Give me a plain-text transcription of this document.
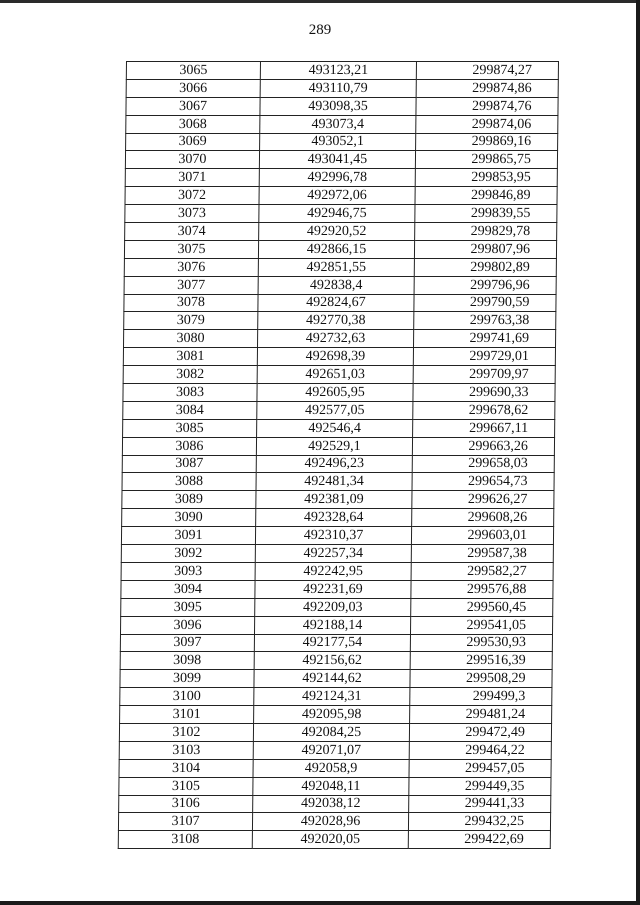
289
3065	493123,21	299874,27
3066	493110,79	299874,86
3067	493098,35	299874,76
3068	493073,4	299874,06
3069	493052,1	299869,16
3070	493041,45	299865,75
3071	492996,78	299853,95
3072	492972,06	299846,89
3073	492946,75	299839,55
3074	492920,52	299829,78
3075	492866,15	299807,96
3076	492851,55	299802,89
3077	492838,4	299796,96
3078	492824,67	299790,59
3079	492770,38	299763,38
3080	492732,63	299741,69
3081	492698,39	299729,01
3082	492651,03	299709,97
3083	492605,95	299690,33
3084	492577,05	299678,62
3085	492546,4	299667,11
3086	492529,1	299663,26
3087	492496,23	299658,03
3088	492481,34	299654,73
3089	492381,09	299626,27
3090	492328,64	299608,26
3091	492310,37	299603,01
3092	492257,34	299587,38
3093	492242,95	299582,27
3094	492231,69	299576,88
3095	492209,03	299560,45
3096	492188,14	299541,05
3097	492177,54	299530,93
3098	492156,62	299516,39
3099	492144,62	299508,29
3100	492124,31	299499,3
3101	492095,98	299481,24
3102	492084,25	299472,49
3103	492071,07	299464,22
3104	492058,9	299457,05
3105	492048,11	299449,35
3106	492038,12	299441,33
3107	492028,96	299432,25
3108	492020,05	299422,69
